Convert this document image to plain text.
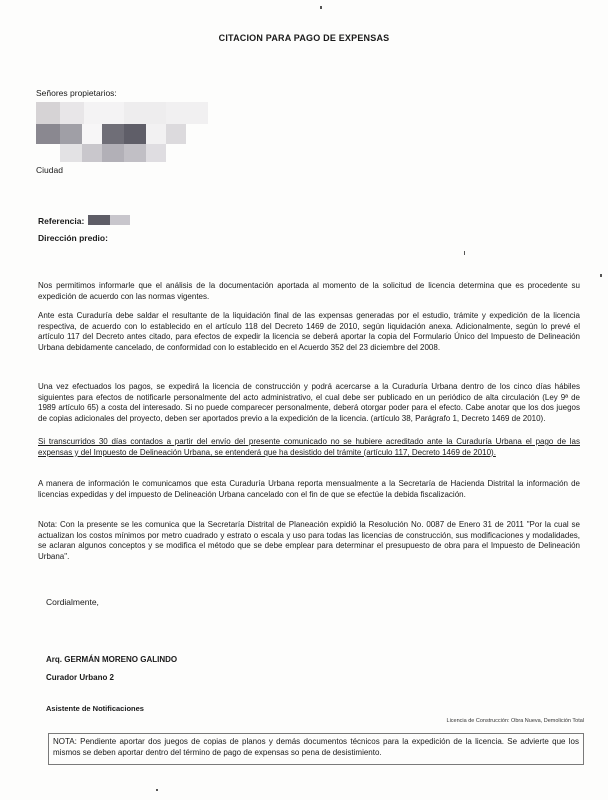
CITACION PARA PAGO DE EXPENSAS
Señores propietarios:
Ciudad
Referencia:
Dirección predio:
Nos permitimos informarle que el análisis de la documentación aportada al momento de la solicitud de licencia determina que es procedente su expedición de acuerdo con las normas vigentes.
Ante esta Curaduría debe saldar el resultante de la liquidación final de las expensas generadas por el estudio, trámite y expedición de la licencia respectiva, de acuerdo con lo establecido en el artículo 118 del Decreto 1469 de 2010, según liquidación anexa. Adicionalmente, según lo prevé el artículo 117 del Decreto antes citado, para efectos de expedir la licencia se deberá aportar la copia del Formulario Único del Impuesto de Delineación Urbana debidamente cancelado, de conformidad con lo establecido en el Acuerdo 352 del 23 diciembre del 2008.
Una vez efectuados los pagos, se expedirá la licencia de construcción y podrá acercarse a la Curaduría Urbana dentro de los cinco días hábiles siguientes para efectos de notificarle personalmente del acto administrativo, el cual debe ser publicado en un periódico de alta circulación (Ley 9ª de 1989 artículo 65) a costa del interesado. Si no puede comparecer personalmente, deberá otorgar poder para el efecto. Cabe anotar que los dos juegos de copias adicionales del proyecto, deben ser aportados previo a la expedición de la licencia. (artículo 38, Parágrafo 1, Decreto 1469 de 2010).
Si transcurridos 30 días contados a partir del envío del presente comunicado no se hubiere acreditado ante la Curaduría Urbana el pago de las expensas y del Impuesto de Delineación Urbana, se entenderá que ha desistido del trámite (artículo 117, Decreto 1469 de 2010).
A manera de información le comunicamos que esta Curaduría Urbana reporta mensualmente a la Secretaría de Hacienda Distrital la información de licencias expedidas y del impuesto de Delineación Urbana cancelado con el fin de que se efectúe la debida fiscalización.
Nota: Con la presente se les comunica que la Secretaría Distrital de Planeación expidió la Resolución No. 0087 de Enero 31 de 2011 "Por la cual se actualizan los costos mínimos por metro cuadrado y estrato o escala y uso para todas las licencias de construcción, sus modificaciones y modalidades, se aclaran algunos conceptos y se modifica el método que se debe emplear para determinar el presupuesto de obra para el Impuesto de Delineación Urbana".
Cordialmente,
Arq. GERMÁN MORENO GALINDO
Curador Urbano 2
Asistente de Notificaciones
Licencia de Construcción: Obra Nueva, Demolición Total
NOTA: Pendiente aportar dos juegos de copias de planos y demás documentos técnicos para la expedición de la licencia. Se advierte que los mismos se deben aportar dentro del término de pago de expensas so pena de desistimiento.
